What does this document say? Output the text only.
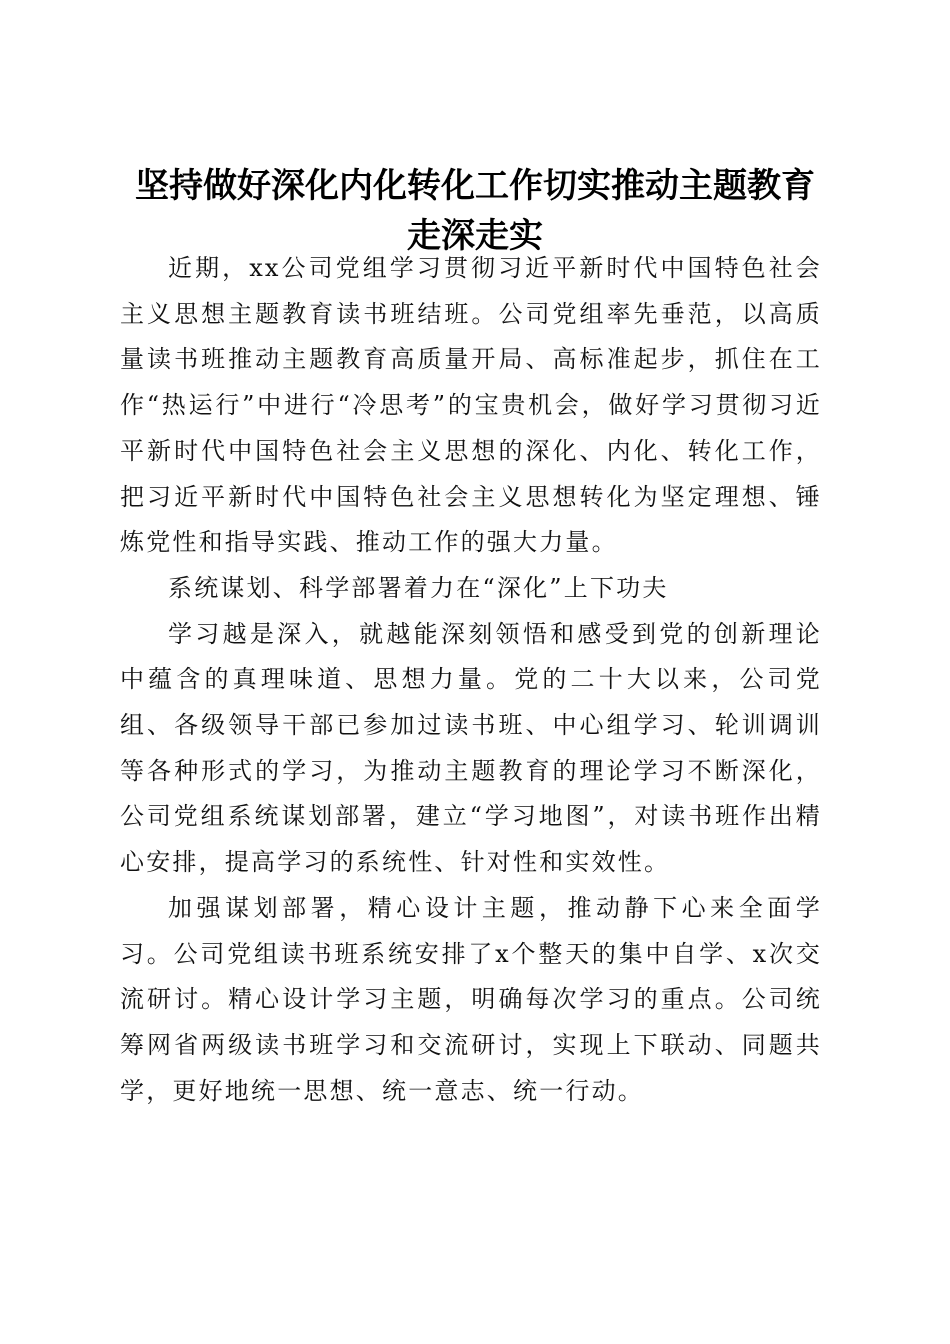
坚持做好深化内化转化工作切实推动主题教育
走深走实

近期，xx公司党组学习贯彻习近平新时代中国特色社会主义思想主题教育读书班结班。公司党组率先垂范，以高质量读书班推动主题教育高质量开局、高标准起步，抓住在工作“热运行”中进行“冷思考”的宝贵机会，做好学习贯彻习近平新时代中国特色社会主义思想的深化、内化、转化工作，把习近平新时代中国特色社会主义思想转化为坚定理想、锤炼党性和指导实践、推动工作的强大力量。

系统谋划、科学部署着力在“深化”上下功夫

学习越是深入，就越能深刻领悟和感受到党的创新理论中蕴含的真理味道、思想力量。党的二十大以来，公司党组、各级领导干部已参加过读书班、中心组学习、轮训调训等各种形式的学习，为推动主题教育的理论学习不断深化，公司党组系统谋划部署，建立“学习地图”，对读书班作出精心安排，提高学习的系统性、针对性和实效性。

加强谋划部署，精心设计主题，推动静下心来全面学习。公司党组读书班系统安排了x个整天的集中自学、x次交流研讨。精心设计学习主题，明确每次学习的重点。公司统筹网省两级读书班学习和交流研讨，实现上下联动、同题共学，更好地统一思想、统一意志、统一行动。
